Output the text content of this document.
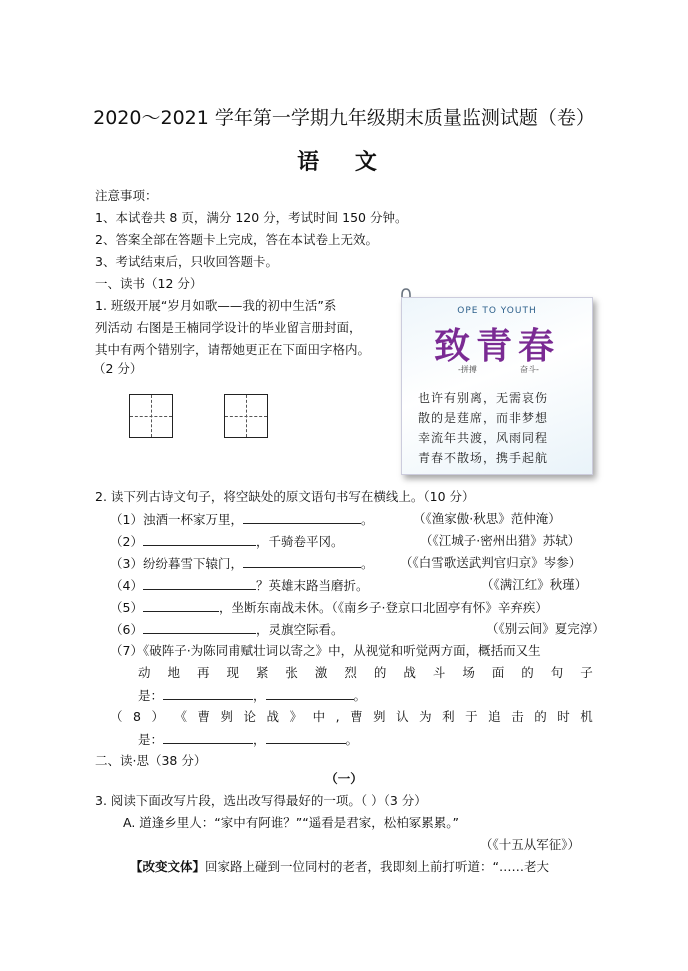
2020～2021 学年第一学期九年级期末质量监测试题（卷）
语 文
注意事项：
1、本试卷共 8 页，满分 120 分，考试时间 150 分钟。
2、答案全部在答题卡上完成，答在本试卷上无效。
3、考试结束后，只收回答题卡。
一、读书（12 分）
1. 班级开展“岁月如歌——我的初中生活”系
列活动 右图是王楠同学设计的毕业留言册封面，
其中有两个错别字，请帮她更正在下面田字格内。
（2 分）
OPE TO YOUTH
致青春
-拼搏	奋斗-
也许有别离，无需哀伤
散的是莛席，而非梦想
幸流年共渡，风雨同程
青春不散场，携手起航
2. 读下列古诗文句子，将空缺处的原文语句书写在横线上。（10 分）
（1）浊酒一杯家万里，	。	（《渔家傲·秋思》范仲淹）
（2）	，千骑卷平冈。	（《江城子·密州出猎》苏轼）
（3）纷纷暮雪下辕门，	。 （《白雪歌送武判官归京》岑参）
（4）	？英雄末路当磨折。	（《满江红》秋瑾）
（5）	，坐断东南战未休。（《南乡子·登京口北固亭有怀》辛弃疾）
（6）	，灵旗空际看。	（《别云间》夏完淳）
（7）《破阵子·为陈同甫赋壮词以寄之》中，从视觉和听觉两方面，概括而又生
动 地 再 现 紧 张 激 烈 的 战 斗 场 面 的 句 子
是：	，	。
（ 8 ） 《 曹 刿 论 战 》 中 , 曹 刿 认 为 利 于 追 击 的 时 机
是：	，	。
二、读·思（38 分）
（一）
3. 阅读下面改写片段，选出改写得最好的一项。（ ）（3 分）
A. 道逢乡里人：“家中有阿谁？”“遥看是君家，松柏冢累累。”
（《十五从军征》）
【改变文体】回家路上碰到一位同村的老者，我即刻上前打听道：“……老大
